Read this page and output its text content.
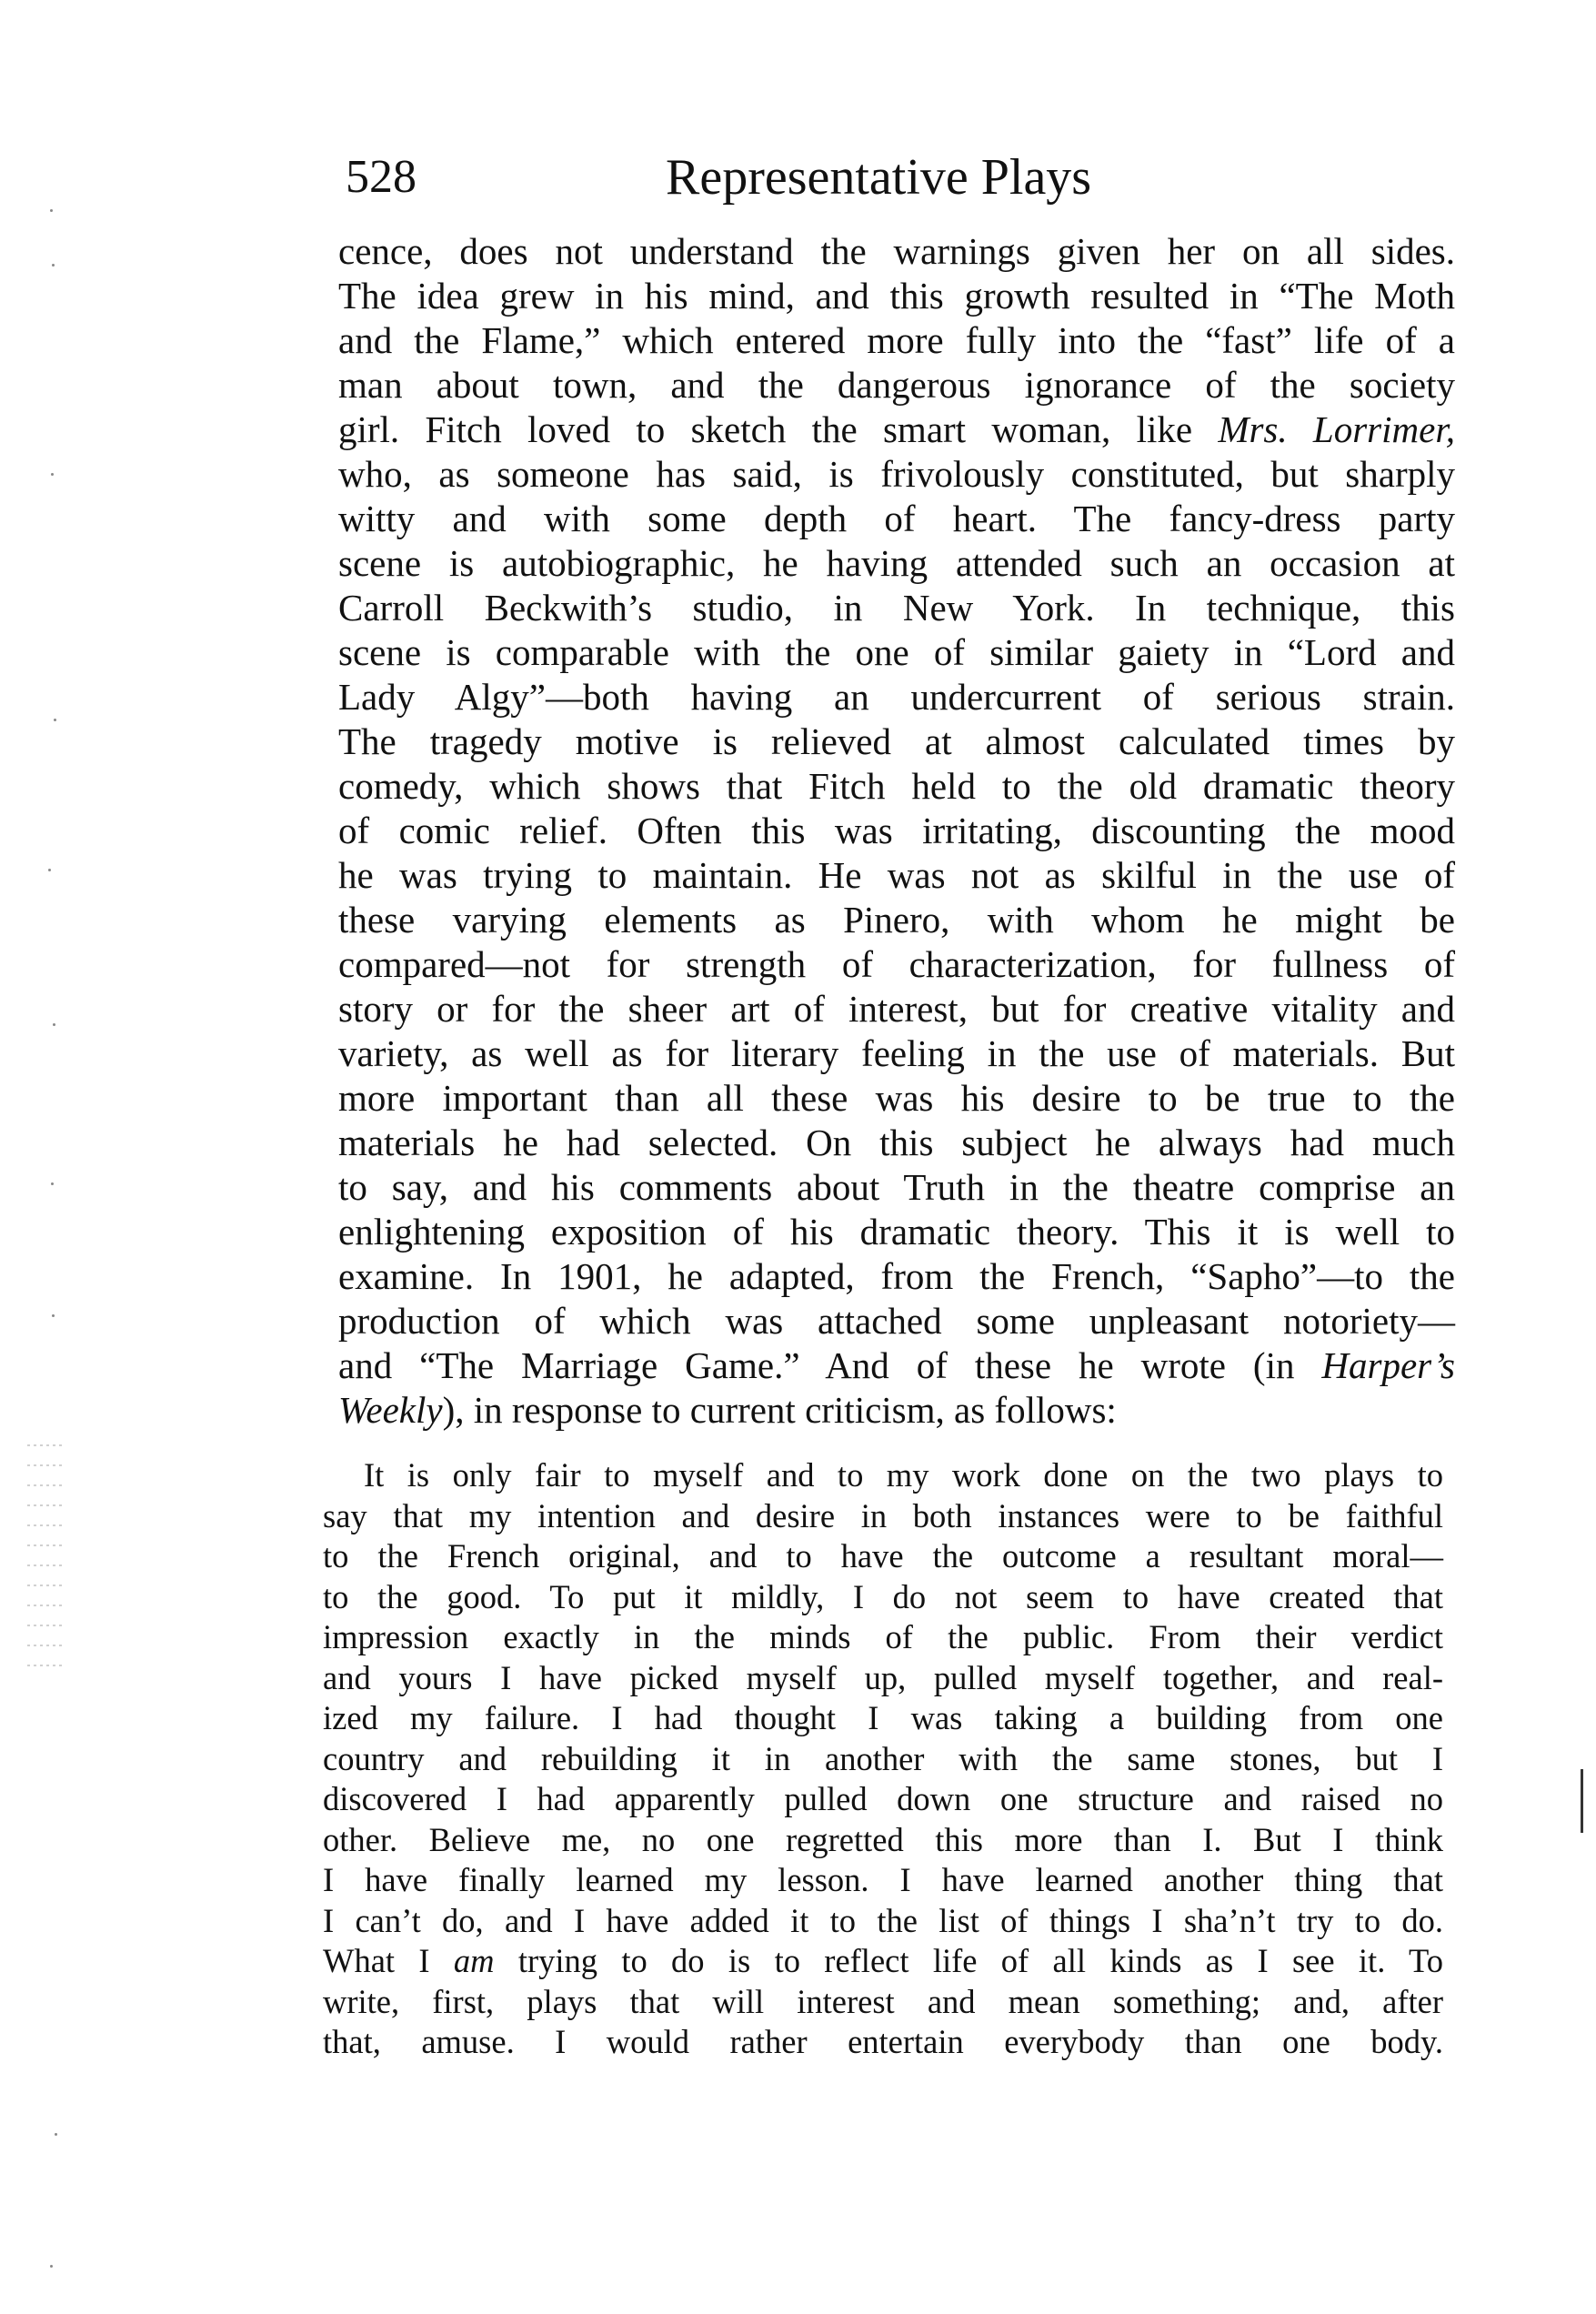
528	Representative Plays
cence, does not understand the warnings given her on all sides.
The idea grew in his mind, and this growth resulted in “The Moth
and the Flame,” which entered more fully into the “fast” life of a
man about town, and the dangerous ignorance of the society
girl. Fitch loved to sketch the smart woman, like Mrs. Lorrimer,
who, as someone has said, is frivolously constituted, but sharply
witty and with some depth of heart. The fancy-dress party
scene is autobiographic, he having attended such an occasion at
Carroll Beckwith’s studio, in New York. In technique, this
scene is comparable with the one of similar gaiety in “Lord and
Lady Algy”—both having an undercurrent of serious strain.
The tragedy motive is relieved at almost calculated times by
comedy, which shows that Fitch held to the old dramatic theory
of comic relief. Often this was irritating, discounting the mood
he was trying to maintain. He was not as skilful in the use of
these varying elements as Pinero, with whom he might be
compared—not for strength of characterization, for fullness of
story or for the sheer art of interest, but for creative vitality and
variety, as well as for literary feeling in the use of materials. But
more important than all these was his desire to be true to the
materials he had selected. On this subject he always had much
to say, and his comments about Truth in the theatre comprise an
enlightening exposition of his dramatic theory. This it is well to
examine. In 1901, he adapted, from the French, “Sapho”—to the
production of which was attached some unpleasant notoriety—
and “The Marriage Game.” And of these he wrote (in Harper’s
Weekly), in response to current criticism, as follows:
It is only fair to myself and to my work done on the two plays to
say that my intention and desire in both instances were to be faithful
to the French original, and to have the outcome a resultant moral—
to the good. To put it mildly, I do not seem to have created that
impression exactly in the minds of the public. From their verdict
and yours I have picked myself up, pulled myself together, and real-
ized my failure. I had thought I was taking a building from one
country and rebuilding it in another with the same stones, but I
discovered I had apparently pulled down one structure and raised no
other. Believe me, no one regretted this more than I. But I think
I have finally learned my lesson. I have learned another thing that
I can’t do, and I have added it to the list of things I sha’n’t try to do.
What I am trying to do is to reflect life of all kinds as I see it. To
write, first, plays that will interest and mean something; and, after
that, amuse. I would rather entertain everybody than one body.
